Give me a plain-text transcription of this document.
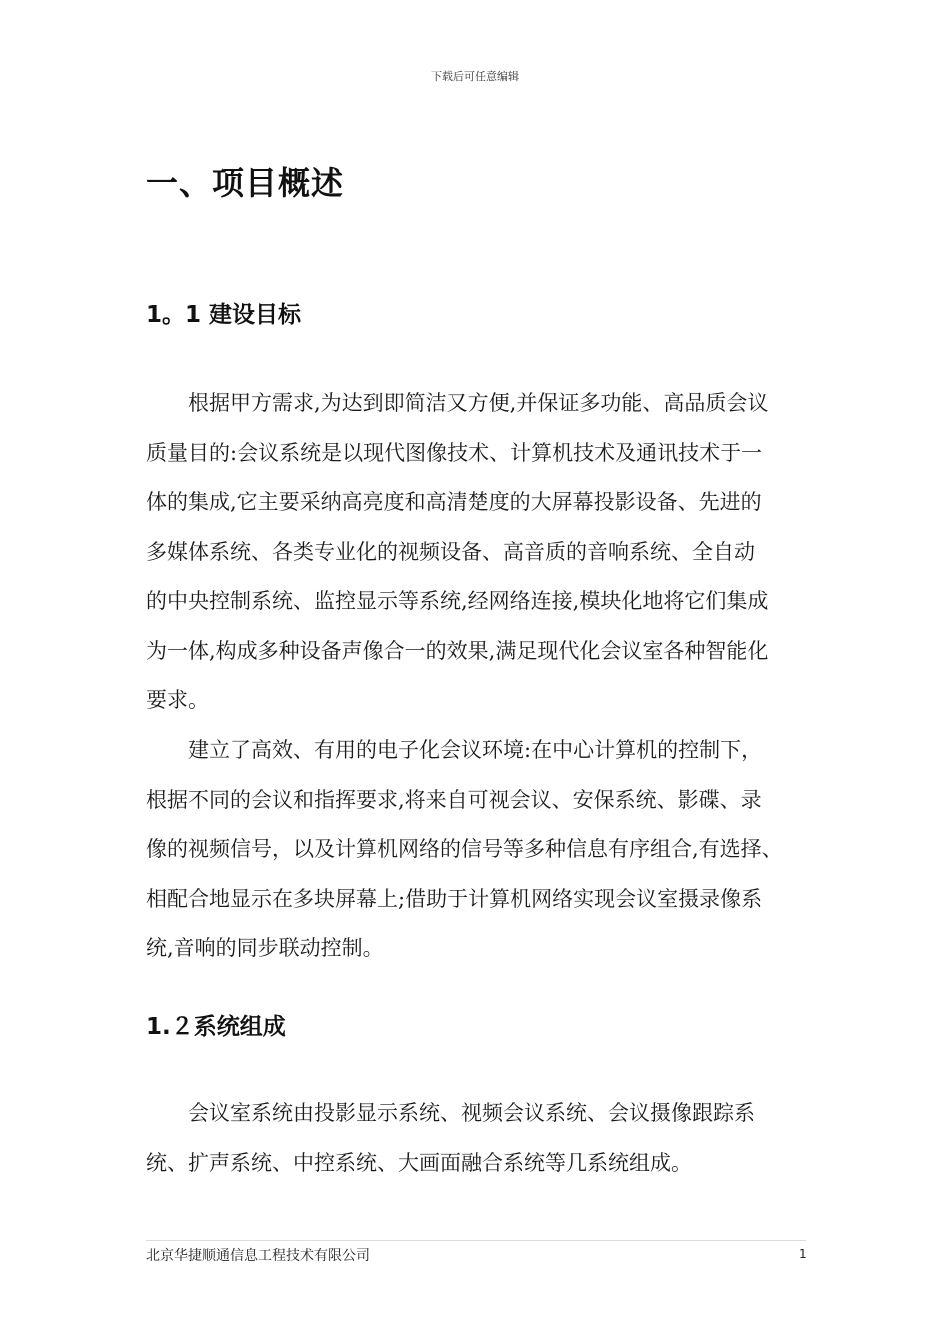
下载后可任意编辑
一、项目概述
1。1 建设目标
根据甲方需求,为达到即简洁又方便,并保证多功能、高品质会议
质量目的:会议系统是以现代图像技术、计算机技术及通讯技术于一
体的集成,它主要采纳高亮度和高清楚度的大屏幕投影设备、先进的
多媒体系统、各类专业化的视频设备、高音质的音响系统、全自动
的中央控制系统、监控显示等系统,经网络连接,模块化地将它们集成
为一体,构成多种设备声像合一的效果,满足现代化会议室各种智能化
要求。
建立了高效、有用的电子化会议环境:在中心计算机的控制下，
根据不同的会议和指挥要求,将来自可视会议、安保系统、影碟、录
像的视频信号，以及计算机网络的信号等多种信息有序组合,有选择、
相配合地显示在多块屏幕上;借助于计算机网络实现会议室摄录像系
统,音响的同步联动控制。
1.２系统组成
会议室系统由投影显示系统、视频会议系统、会议摄像跟踪系
统、扩声系统、中控系统、大画面融合系统等几系统组成。
北京华捷顺通信息工程技术有限公司	1
